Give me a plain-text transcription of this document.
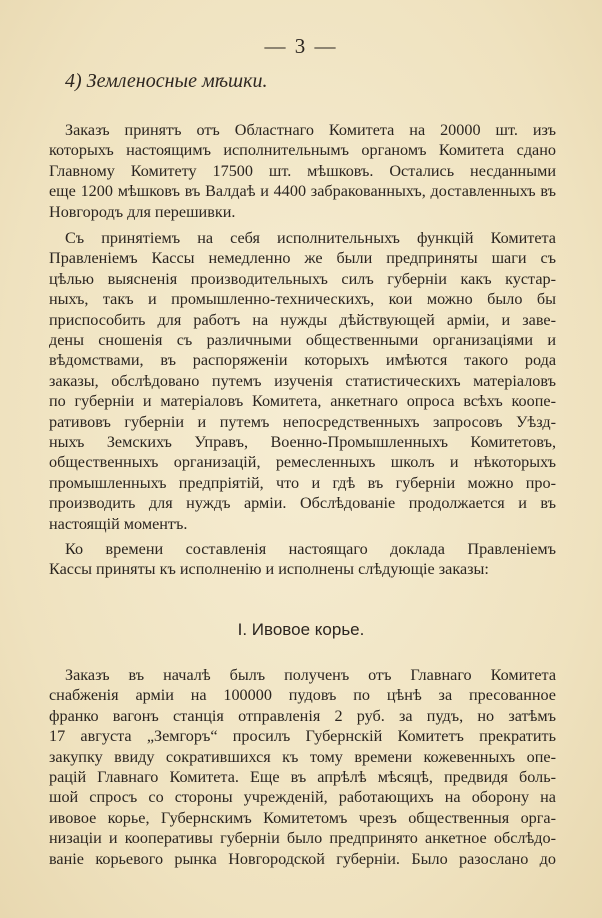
— 3 —
4) Земленосные мѣшки.
Заказъ принятъ отъ Областнаго Комитета на 20000 шт. изъ
которыхъ настоящимъ исполнительнымъ органомъ Комитета сдано
Главному Комитету 17500 шт. мѣшковъ. Остались несданными
еще 1200 мѣшковъ въ Валдаѣ и 4400 забракованныхъ, доставленныхъ въ Новгородъ для перешивки.
Съ принятіемъ на себя исполнительныхъ функцій Комитета
Правленіемъ Кассы немедленно же были предприняты шаги съ
цѣлью выясненія производительныхъ силъ губерніи какъ кустар-
ныхъ, такъ и промышленно-техническихъ, кои можно было бы
приспособить для работъ на нужды дѣйствующей арміи, и заве-
дены сношенія съ различными общественными организаціями и
вѣдомствами, въ распоряженіи которыхъ имѣются такого рода
заказы, обслѣдовано путемъ изученія статистическихъ матеріаловъ
по губерніи и матеріаловъ Комитета, анкетнаго опроса всѣхъ коопе-
ративовъ губерніи и путемъ непосредственныхъ запросовъ Уѣзд-
ныхъ Земскихъ Управъ, Военно-Промышленныхъ Комитетовъ,
общественныхъ организацій, ремесленныхъ школъ и нѣкоторыхъ
промышленныхъ предпріятій, что и гдѣ въ губерніи можно про-
производить для нуждъ арміи. Обслѣдованіе продолжается и въ
настоящій моментъ.
Ко времени составленія настоящаго доклада Правленіемъ
Кассы приняты къ исполненію и исполнены слѣдующіе заказы:
I. Ивовое корье.
Заказъ въ началѣ былъ полученъ отъ Главнаго Комитета
снабженія арміи на 100000 пудовъ по цѣнѣ за пресованное
франко вагонъ станція отправленія 2 руб. за пудъ, но затѣмъ
17 августа „Земгоръ“ просилъ Губернскій Комитетъ прекратить
закупку ввиду сократившихся къ тому времени кожевенныхъ опе-
рацій Главнаго Комитета. Еще въ апрѣлѣ мѣсяцѣ, предвидя боль-
шой спросъ со стороны учрежденій, работающихъ на оборону на
ивовое корье, Губернскимъ Комитетомъ чрезъ общественныя орга-
низаціи и кооперативы губерніи было предпринято анкетное обслѣдо-
ваніе корьевого рынка Новгородской губерніи. Было разослано до
